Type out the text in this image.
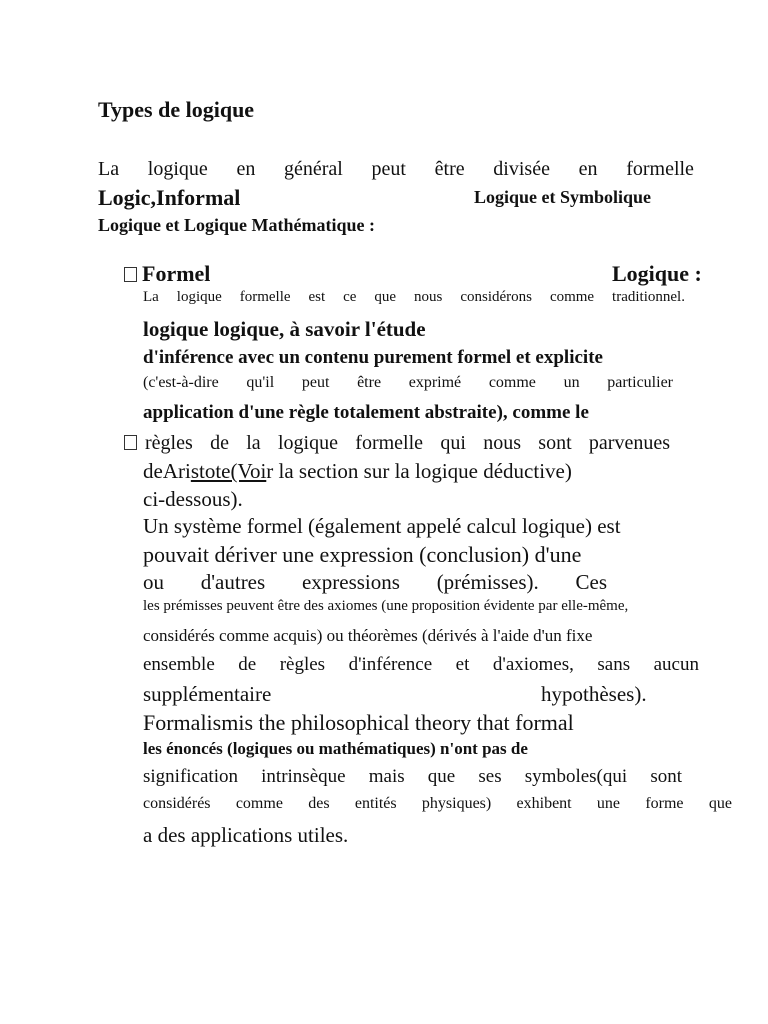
Types de logique
La logique en général peut être divisée en formelle
Logic,Informal	Logique et Symbolique
Logique et Logique Mathématique :
Formel	Logique :
La logique formelle est ce que nous considérons comme traditionnel.
logique logique, à savoir l'étude
d'inférence avec un contenu purement formel et explicite
(c'est-à-dire qu'il peut être exprimé comme un particulier
application d'une règle totalement abstraite), comme le
règles de la logique formelle qui nous sont parvenues
deAristote(Voir la section sur la logique déductive)
ci-dessous).
Un système formel (également appelé calcul logique) est
pouvait dériver une expression (conclusion) d'une
ou d'autres expressions (prémisses). Ces
les prémisses peuvent être des axiomes (une proposition évidente par elle-même,
considérés comme acquis) ou théorèmes (dérivés à l'aide d'un fixe
ensemble de règles d'inférence et d'axiomes, sans aucun
supplémentaire	hypothèses).
Formalismis the philosophical theory that formal
les énoncés (logiques ou mathématiques) n'ont pas de
signification intrinsèque mais que ses symboles(qui sont
considérés comme des entités physiques) exhibent une forme que
a des applications utiles.
